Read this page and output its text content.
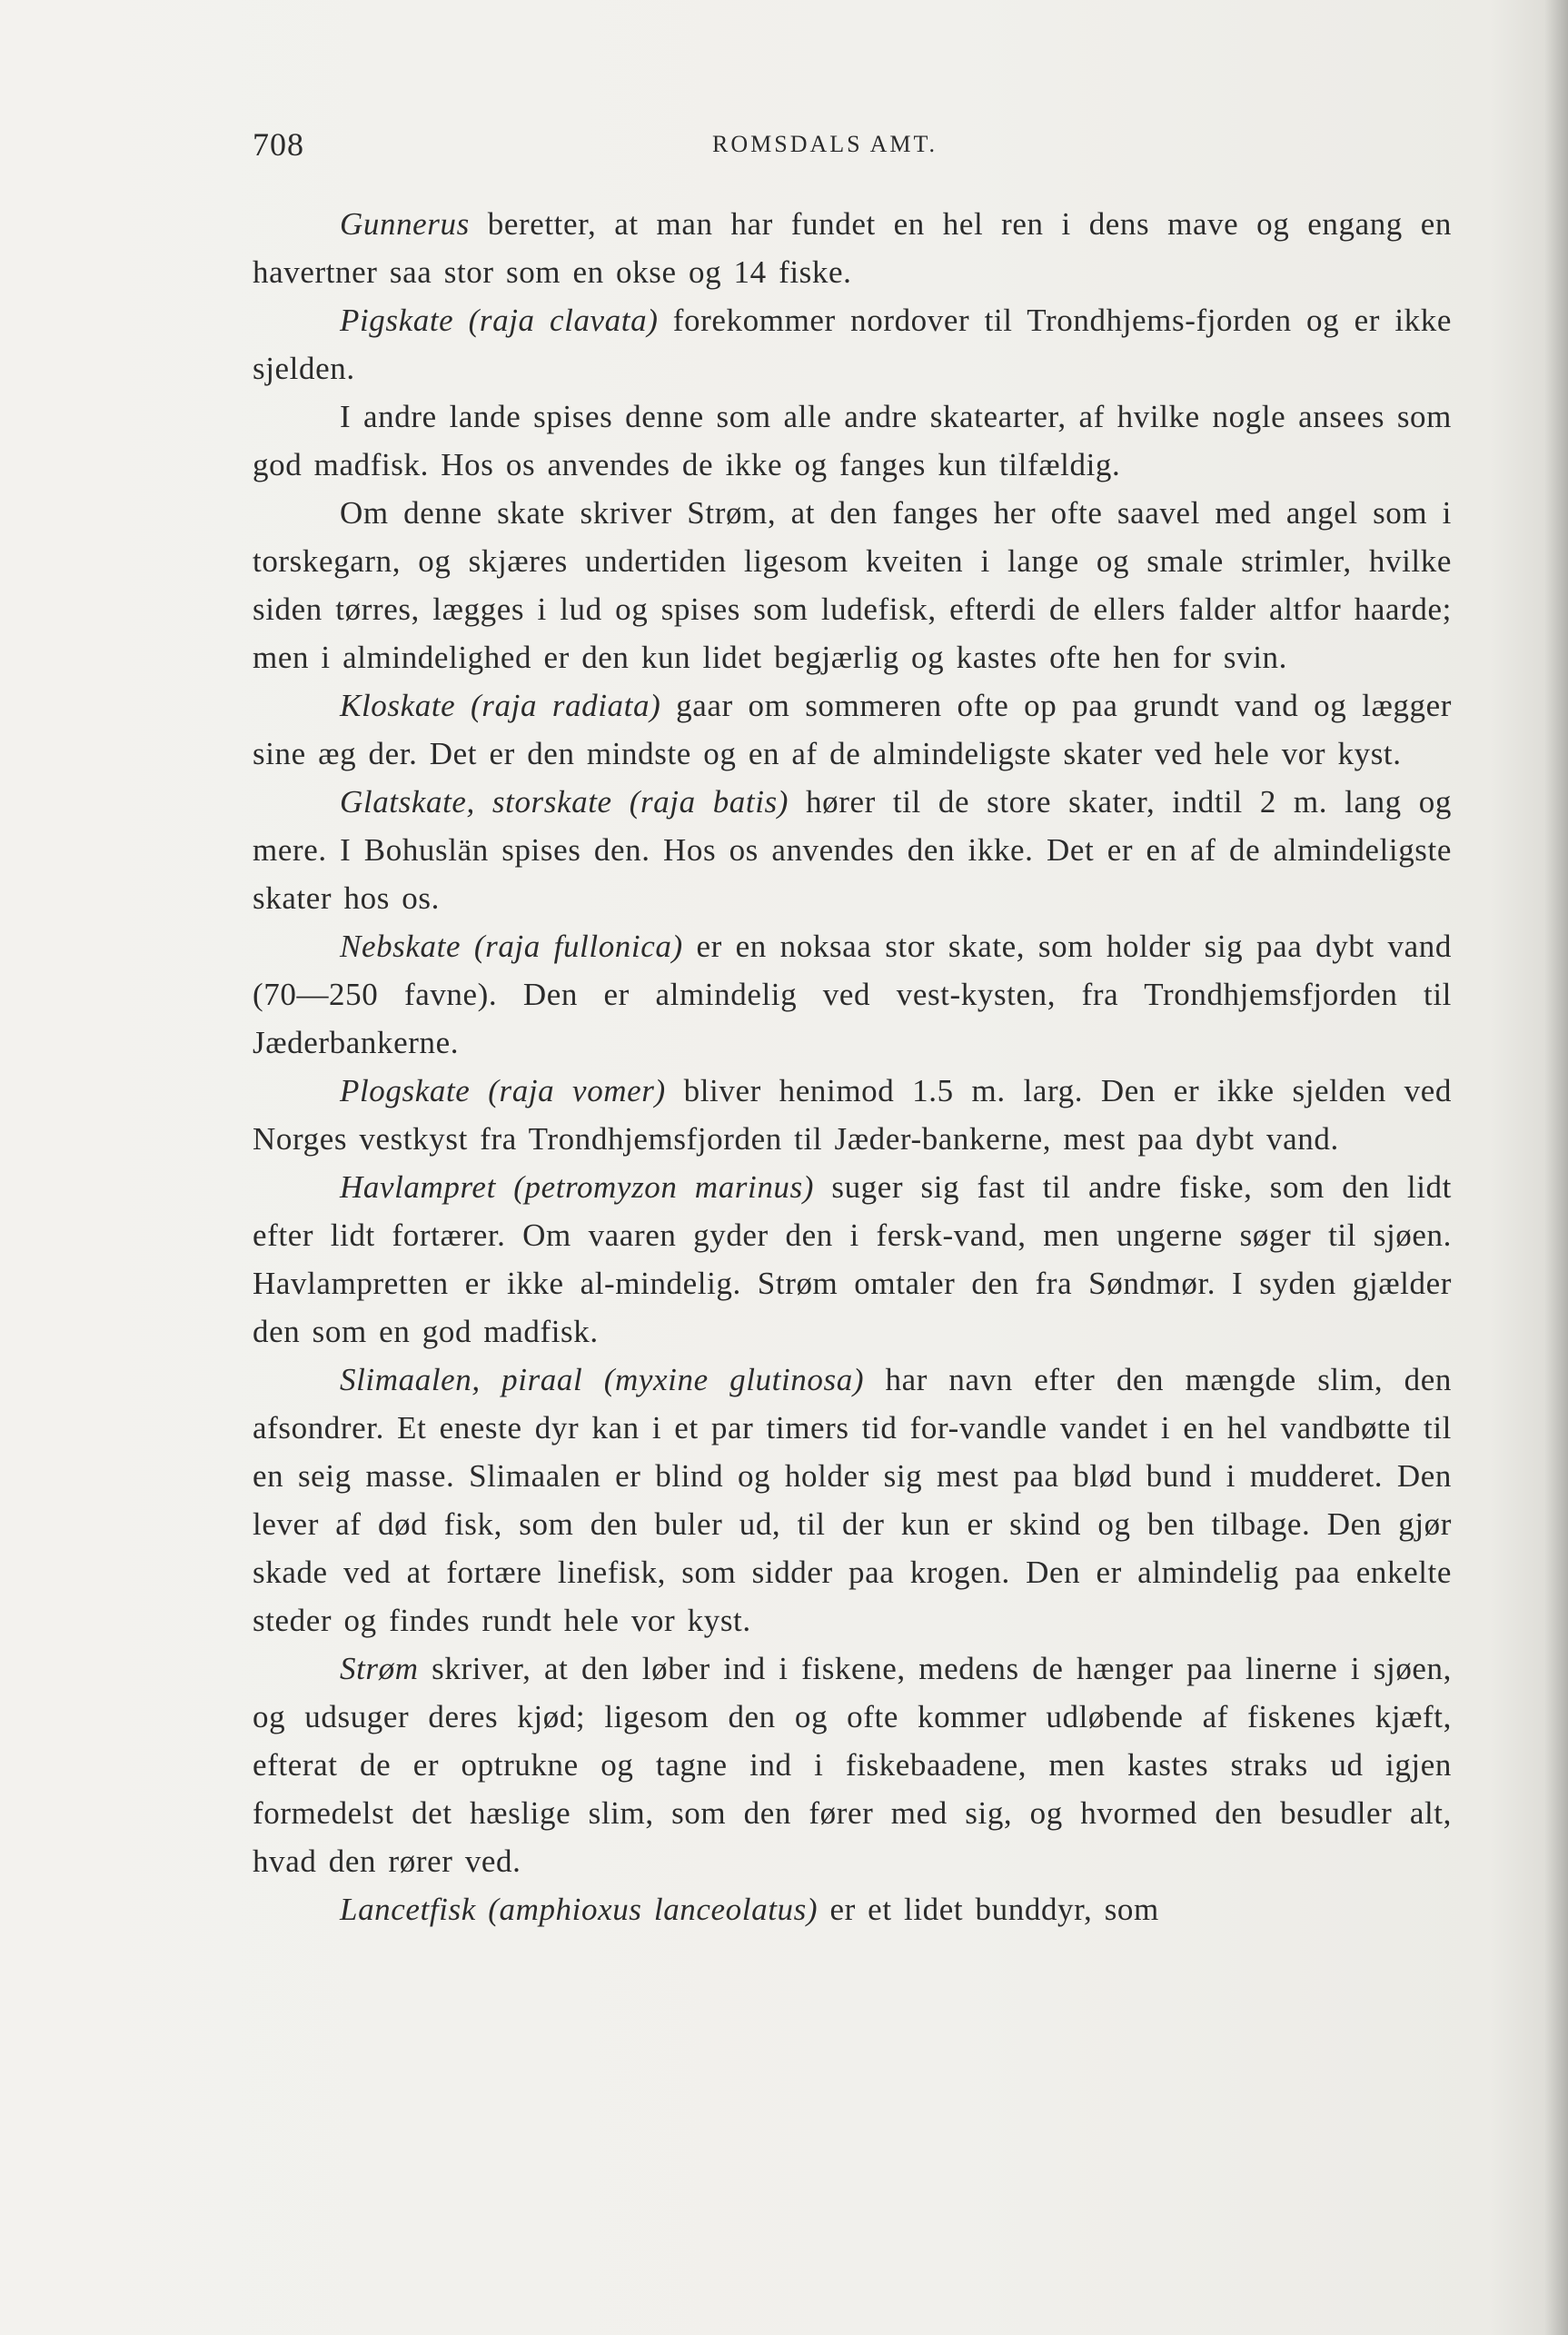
708	ROMSDALS AMT.

Gunnerus beretter, at man har fundet en hel ren i dens mave og engang en havertner saa stor som en okse og 14 fiske.

Pigskate (raja clavata) forekommer nordover til Trondhjems-fjorden og er ikke sjelden.

I andre lande spises denne som alle andre skatearter, af hvilke nogle ansees som god madfisk. Hos os anvendes de ikke og fanges kun tilfældig.

Om denne skate skriver Strøm, at den fanges her ofte saavel med angel som i torskegarn, og skjæres undertiden ligesom kveiten i lange og smale strimler, hvilke siden tørres, lægges i lud og spises som ludefisk, efterdi de ellers falder altfor haarde; men i almindelighed er den kun lidet begjærlig og kastes ofte hen for svin.

Kloskate (raja radiata) gaar om sommeren ofte op paa grundt vand og lægger sine æg der. Det er den mindste og en af de almindeligste skater ved hele vor kyst.

Glatskate, storskate (raja batis) hører til de store skater, indtil 2 m. lang og mere. I Bohuslän spises den. Hos os anvendes den ikke. Det er en af de almindeligste skater hos os.

Nebskate (raja fullonica) er en noksaa stor skate, som holder sig paa dybt vand (70—250 favne). Den er almindelig ved vest-kysten, fra Trondhjemsfjorden til Jæderbankerne.

Plogskate (raja vomer) bliver henimod 1.5 m. larg. Den er ikke sjelden ved Norges vestkyst fra Trondhjemsfjorden til Jæder-bankerne, mest paa dybt vand.

Havlampret (petromyzon marinus) suger sig fast til andre fiske, som den lidt efter lidt fortærer. Om vaaren gyder den i fersk-vand, men ungerne søger til sjøen. Havlampretten er ikke al-mindelig. Strøm omtaler den fra Søndmør. I syden gjælder den som en god madfisk.

Slimaalen, piraal (myxine glutinosa) har navn efter den mængde slim, den afsondrer. Et eneste dyr kan i et par timers tid for-vandle vandet i en hel vandbøtte til en seig masse. Slimaalen er blind og holder sig mest paa blød bund i mudderet. Den lever af død fisk, som den buler ud, til der kun er skind og ben tilbage. Den gjør skade ved at fortære linefisk, som sidder paa krogen. Den er almindelig paa enkelte steder og findes rundt hele vor kyst.

Strøm skriver, at den løber ind i fiskene, medens de hænger paa linerne i sjøen, og udsuger deres kjød; ligesom den og ofte kommer udløbende af fiskenes kjæft, efterat de er optrukne og tagne ind i fiskebaadene, men kastes straks ud igjen formedelst det hæslige slim, som den fører med sig, og hvormed den besudler alt, hvad den rører ved.

Lancetfisk (amphioxus lanceolatus) er et lidet bunddyr, som
